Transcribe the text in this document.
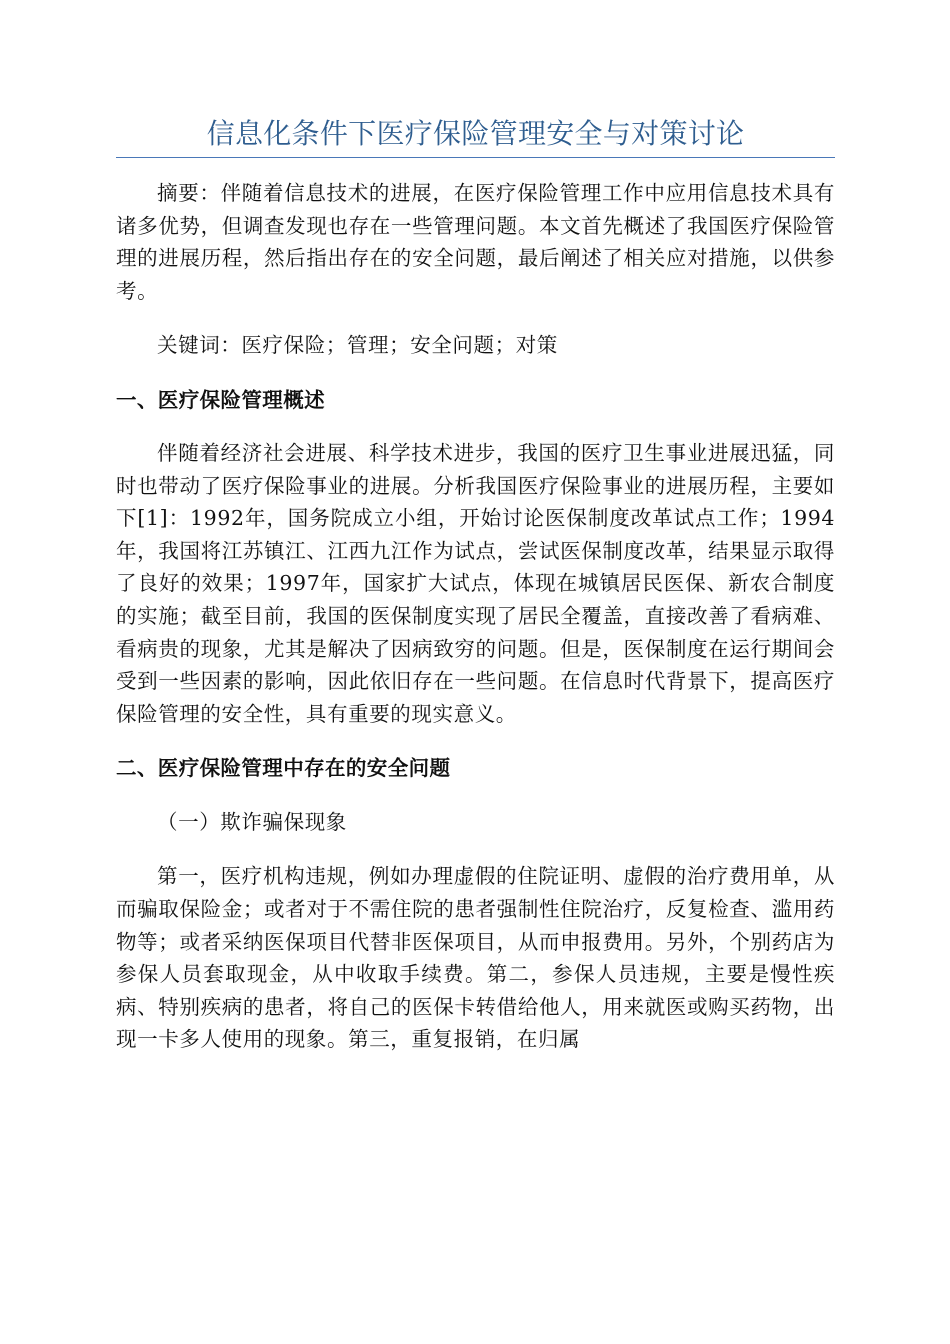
信息化条件下医疗保险管理安全与对策讨论

摘要：伴随着信息技术的进展，在医疗保险管理工作中应用信息技术具有诸多优势，但调查发现也存在一些管理问题。本文首先概述了我国医疗保险管理的进展历程，然后指出存在的安全问题，最后阐述了相关应对措施，以供参考。

关键词：医疗保险；管理；安全问题；对策

一、医疗保险管理概述

伴随着经济社会进展、科学技术进步，我国的医疗卫生事业进展迅猛，同时也带动了医疗保险事业的进展。分析我国医疗保险事业的进展历程，主要如下[1]：1992年，国务院成立小组，开始讨论医保制度改革试点工作；1994年，我国将江苏镇江、江西九江作为试点，尝试医保制度改革，结果显示取得了良好的效果；1997年，国家扩大试点，体现在城镇居民医保、新农合制度的实施；截至目前，我国的医保制度实现了居民全覆盖，直接改善了看病难、看病贵的现象，尤其是解决了因病致穷的问题。但是，医保制度在运行期间会受到一些因素的影响，因此依旧存在一些问题。在信息时代背景下，提高医疗保险管理的安全性，具有重要的现实意义。

二、医疗保险管理中存在的安全问题

（一）欺诈骗保现象

第一，医疗机构违规，例如办理虚假的住院证明、虚假的治疗费用单，从而骗取保险金；或者对于不需住院的患者强制性住院治疗，反复检查、滥用药物等；或者采纳医保项目代替非医保项目，从而申报费用。另外，个别药店为参保人员套取现金，从中收取手续费。第二，参保人员违规，主要是慢性疾病、特别疾病的患者，将自己的医保卡转借给他人，用来就医或购买药物，出现一卡多人使用的现象。第三，重复报销，在归属
